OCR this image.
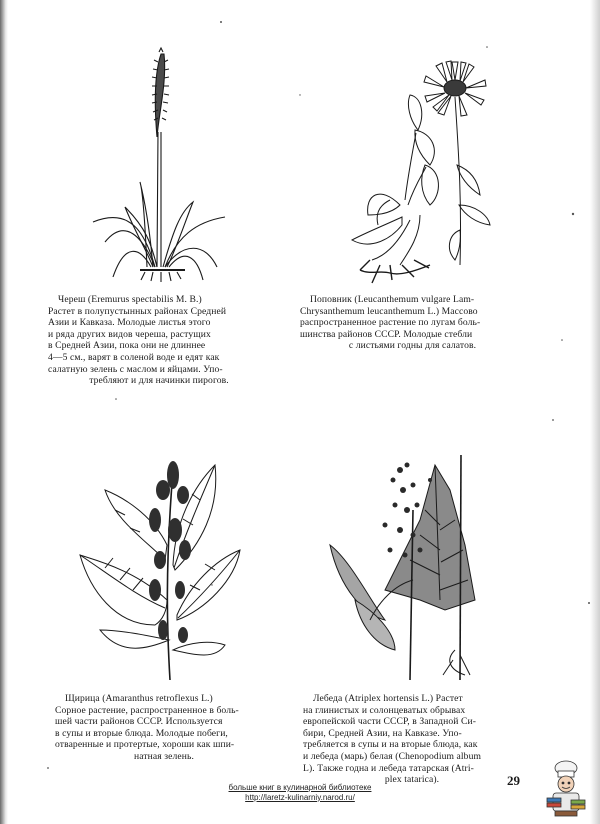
Череш (Eremurus spectabilis M. B.)

Растет в полупустынных районах Средней

Азии и Кавказа. Молодые листья этого

и ряда других видов череша, растущих

в Средней Азии, пока они не длиннее

4—5 см., варят в соленой воде и едят как

салатную зелень с маслом и яйцами. Упо-

требляют и для начинки пирогов.

Поповник (Leucanthemum vulgare Lam-

Chrysanthemum leucanthemum L.) Массово

распространенное растение по лугам боль-

шинства районов СССР. Молодые стебли

с листьями годны для салатов.

Щирица (Amaranthus retroflexus L.)

Сорное растение, распространенное в боль-

шей части районов СССР. Используется

в супы и вторые блюда. Молодые побеги,

отваренные и протертые, хороши как шпи-

натная зелень.

Лебеда (Atriplex hortensis L.) Растет

на глинистых и солонцеватых обрывах

европейской части СССР, в Западной Си-

бири, Средней Азии, на Кавказе. Упо-

требляется в супы и на вторые блюда, как

и лебеда (марь) белая (Chenopodium album

L). Также годна и лебеда татарская (Atri-

plex tatarica).	29
больше книг в кулинарной библиотеке
http://laretz-kulinarniy.narod.ru/
